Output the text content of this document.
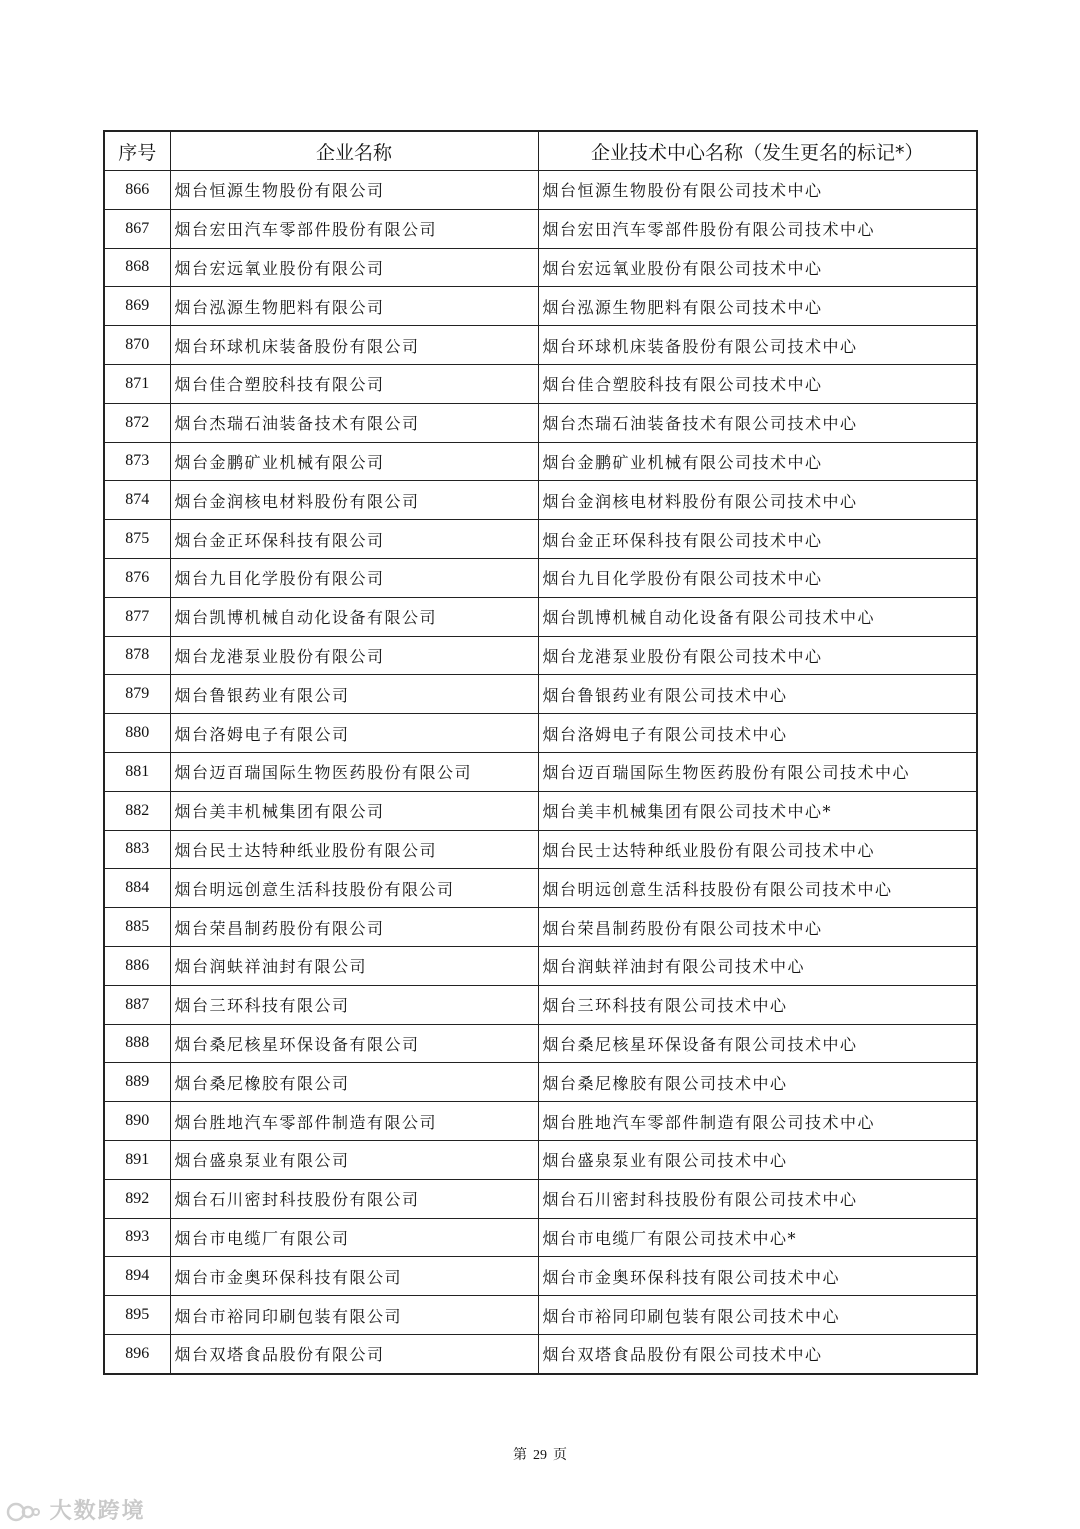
序号	企业名称	企业技术中心名称（发生更名的标记*）
866	烟台恒源生物股份有限公司	烟台恒源生物股份有限公司技术中心
867	烟台宏田汽车零部件股份有限公司	烟台宏田汽车零部件股份有限公司技术中心
868	烟台宏远氧业股份有限公司	烟台宏远氧业股份有限公司技术中心
869	烟台泓源生物肥料有限公司	烟台泓源生物肥料有限公司技术中心
870	烟台环球机床装备股份有限公司	烟台环球机床装备股份有限公司技术中心
871	烟台佳合塑胶科技有限公司	烟台佳合塑胶科技有限公司技术中心
872	烟台杰瑞石油装备技术有限公司	烟台杰瑞石油装备技术有限公司技术中心
873	烟台金鹏矿业机械有限公司	烟台金鹏矿业机械有限公司技术中心
874	烟台金润核电材料股份有限公司	烟台金润核电材料股份有限公司技术中心
875	烟台金正环保科技有限公司	烟台金正环保科技有限公司技术中心
876	烟台九目化学股份有限公司	烟台九目化学股份有限公司技术中心
877	烟台凯博机械自动化设备有限公司	烟台凯博机械自动化设备有限公司技术中心
878	烟台龙港泵业股份有限公司	烟台龙港泵业股份有限公司技术中心
879	烟台鲁银药业有限公司	烟台鲁银药业有限公司技术中心
880	烟台洛姆电子有限公司	烟台洛姆电子有限公司技术中心
881	烟台迈百瑞国际生物医药股份有限公司	烟台迈百瑞国际生物医药股份有限公司技术中心
882	烟台美丰机械集团有限公司	烟台美丰机械集团有限公司技术中心*
883	烟台民士达特种纸业股份有限公司	烟台民士达特种纸业股份有限公司技术中心
884	烟台明远创意生活科技股份有限公司	烟台明远创意生活科技股份有限公司技术中心
885	烟台荣昌制药股份有限公司	烟台荣昌制药股份有限公司技术中心
886	烟台润蚨祥油封有限公司	烟台润蚨祥油封有限公司技术中心
887	烟台三环科技有限公司	烟台三环科技有限公司技术中心
888	烟台桑尼核星环保设备有限公司	烟台桑尼核星环保设备有限公司技术中心
889	烟台桑尼橡胶有限公司	烟台桑尼橡胶有限公司技术中心
890	烟台胜地汽车零部件制造有限公司	烟台胜地汽车零部件制造有限公司技术中心
891	烟台盛泉泵业有限公司	烟台盛泉泵业有限公司技术中心
892	烟台石川密封科技股份有限公司	烟台石川密封科技股份有限公司技术中心
893	烟台市电缆厂有限公司	烟台市电缆厂有限公司技术中心*
894	烟台市金奥环保科技有限公司	烟台市金奥环保科技有限公司技术中心
895	烟台市裕同印刷包装有限公司	烟台市裕同印刷包装有限公司技术中心
896	烟台双塔食品股份有限公司	烟台双塔食品股份有限公司技术中心
第 29 页
大数跨境
